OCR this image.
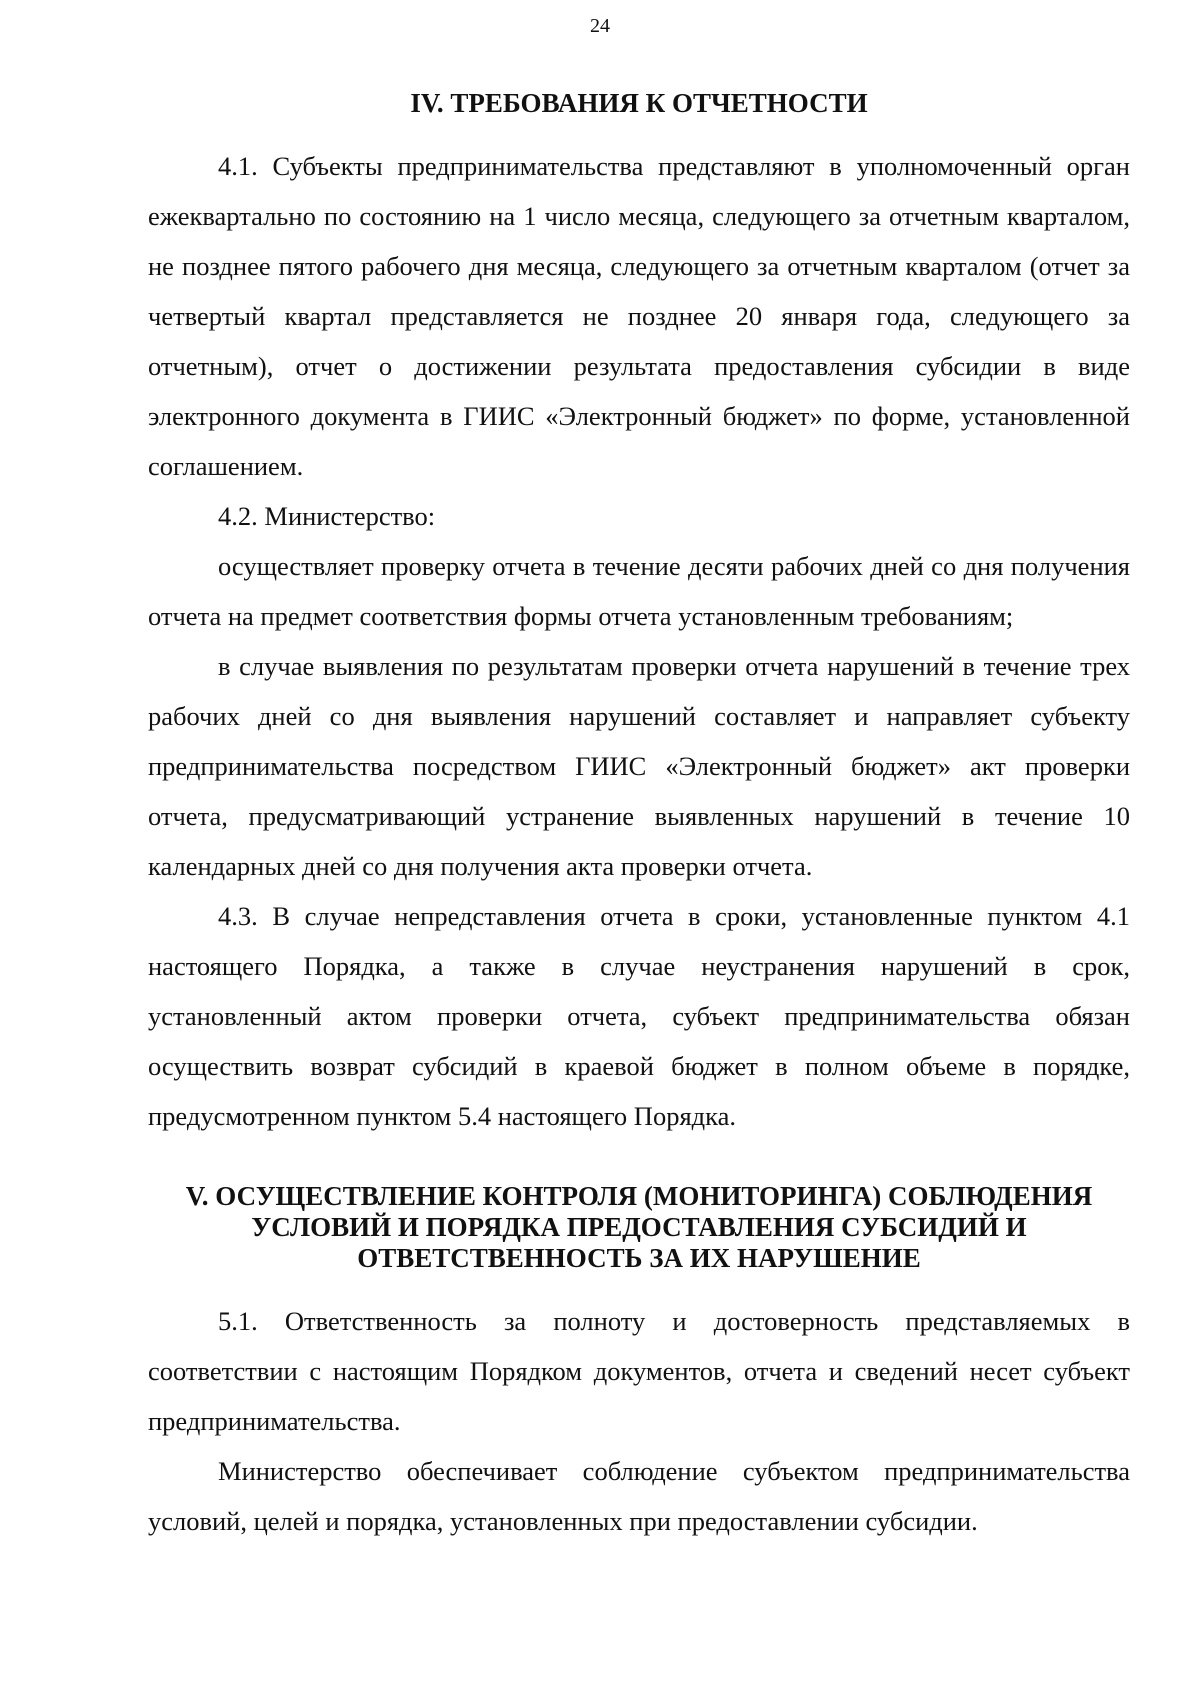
24
IV. ТРЕБОВАНИЯ К ОТЧЕТНОСТИ

4.1. Субъекты предпринимательства представляют в уполномоченный орган ежеквартально по состоянию на 1 число месяца, следующего за отчетным кварталом, не позднее пятого рабочего дня месяца, следующего за отчетным кварталом (отчет за четвертый квартал представляется не позднее 20 января года, следующего за отчетным), отчет о достижении результата предоставления субсидии в виде электронного документа в ГИИС «Электронный бюджет» по форме, установленной соглашением.

4.2. Министерство:

осуществляет проверку отчета в течение десяти рабочих дней со дня получения отчета на предмет соответствия формы отчета установленным требованиям;

в случае выявления по результатам проверки отчета нарушений в течение трех рабочих дней со дня выявления нарушений составляет и направляет субъекту предпринимательства посредством ГИИС «Электронный бюджет» акт проверки отчета, предусматривающий устранение выявленных нарушений в течение 10 календарных дней со дня получения акта проверки отчета.

4.3. В случае непредставления отчета в сроки, установленные пунктом 4.1 настоящего Порядка, а также в случае неустранения нарушений в срок, установленный актом проверки отчета, субъект предпринимательства обязан осуществить возврат субсидий в краевой бюджет в полном объеме в порядке, предусмотренном пунктом 5.4 настоящего Порядка.

V. ОСУЩЕСТВЛЕНИЕ КОНТРОЛЯ (МОНИТОРИНГА) СОБЛЮДЕНИЯ
УСЛОВИЙ И ПОРЯДКА ПРЕДОСТАВЛЕНИЯ СУБСИДИЙ И
ОТВЕТСТВЕННОСТЬ ЗА ИХ НАРУШЕНИЕ

5.1. Ответственность за полноту и достоверность представляемых в соответствии с настоящим Порядком документов, отчета и сведений несет субъект предпринимательства.

Министерство обеспечивает соблюдение субъектом предпринимательства условий, целей и порядка, установленных при предоставлении субсидии.
